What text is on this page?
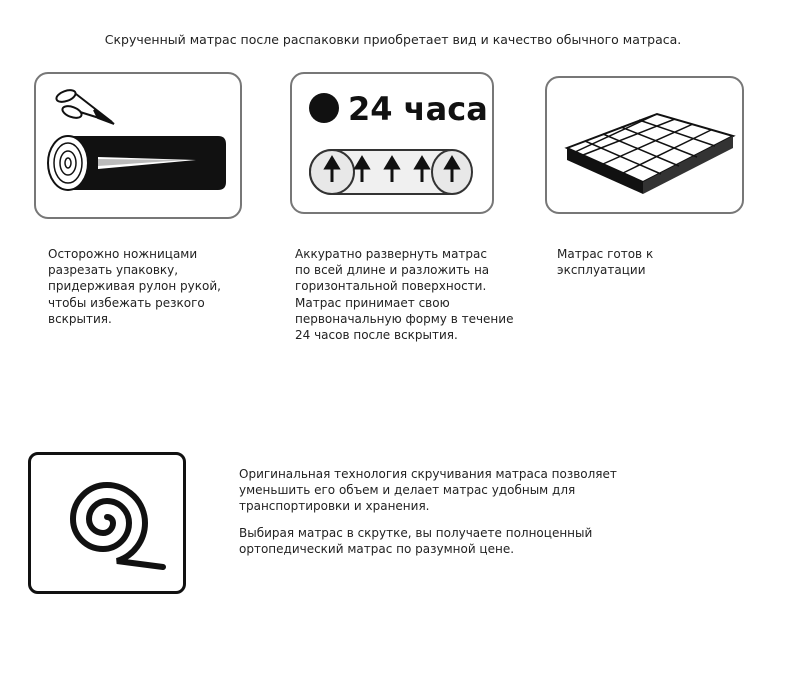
Скрученный матрас после распаковки приобретает вид и качество обычного матраса.
24 часа

Осторожно ножницами

разрезать упаковку,

придерживая рулон рукой,

чтобы избежать резкого

вскрытия.

Аккуратно развернуть матрас

по всей длине и разложить на

горизонтальной поверхности.

Матрас принимает свою

первоначальную форму в течение

24 часов после вскрытия.

Матрас готов к

эксплуатации

Оригинальная технология скручивания матраса позволяет

уменьшить его объем и делает матрас удобным для

транспортировки и хранения.

Выбирая матрас в скрутке, вы получаете полноценный

ортопедический матрас по разумной цене.
